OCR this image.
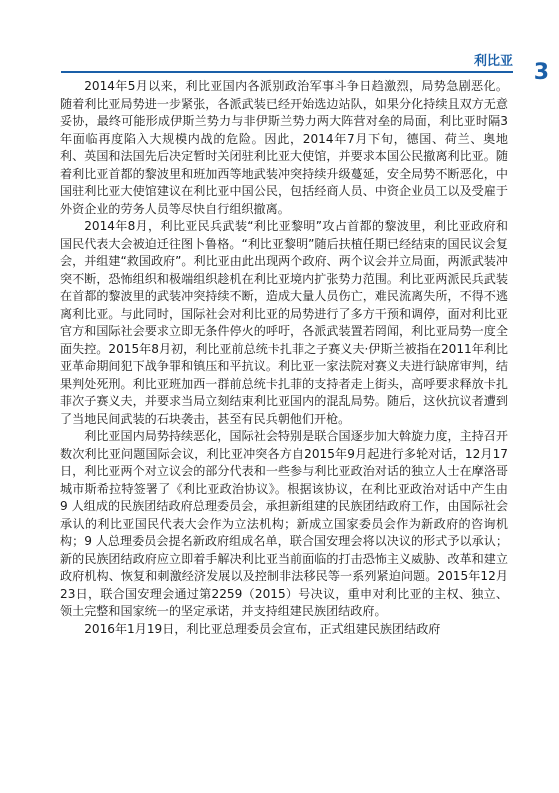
利比亚 3

2014年5月以来，利比亚国内各派别政治军事斗争日趋激烈，局势急剧恶化。随着利比亚局势进一步紧张，各派武装已经开始选边站队，如果分化持续且双方无意妥协，最终可能形成伊斯兰势力与非伊斯兰势力两大阵营对垒的局面，利比亚时隔3年面临再度陷入大规模内战的危险。因此，2014年7月下旬，德国、荷兰、奥地利、英国和法国先后决定暂时关闭驻利比亚大使馆，并要求本国公民撤离利比亚。随着利比亚首都的黎波里和班加西等地武装冲突持续升级蔓延，安全局势不断恶化，中国驻利比亚大使馆建议在利比亚中国公民，包括经商人员、中资企业员工以及受雇于外资企业的劳务人员等尽快自行组织撤离。

2014年8月，利比亚民兵武装“利比亚黎明”攻占首都的黎波里，利比亚政府和国民代表大会被迫迁往图卜鲁格。“利比亚黎明”随后扶植任期已经结束的国民议会复会，并组建“救国政府”。利比亚由此出现两个政府、两个议会并立局面，两派武装冲突不断，恐怖组织和极端组织趁机在利比亚境内扩张势力范围。利比亚两派民兵武装在首都的黎波里的武装冲突持续不断，造成大量人员伤亡，难民流离失所，不得不逃离利比亚。与此同时，国际社会对利比亚的局势进行了多方干预和调停，面对利比亚官方和国际社会要求立即无条件停火的呼吁，各派武装置若罔闻，利比亚局势一度全面失控。2015年8月初，利比亚前总统卡扎菲之子赛义夫·伊斯兰被指在2011年利比亚革命期间犯下战争罪和镇压和平抗议。利比亚一家法院对赛义夫进行缺席审判，结果判处死刑。利比亚班加西一群前总统卡扎菲的支持者走上街头，高呼要求释放卡扎菲次子赛义夫，并要求当局立刻结束利比亚国内的混乱局势。随后，这伙抗议者遭到了当地民间武装的石块袭击，甚至有民兵朝他们开枪。

利比亚国内局势持续恶化，国际社会特别是联合国逐步加大斡旋力度，主持召开数次利比亚问题国际会议，利比亚冲突各方自2015年9月起进行多轮对话，12月17日，利比亚两个对立议会的部分代表和一些参与利比亚政治对话的独立人士在摩洛哥城市斯希拉特签署了《利比亚政治协议》。根据该协议，在利比亚政治对话中产生由 9 人组成的民族团结政府总理委员会，承担新组建的民族团结政府工作，由国际社会承认的利比亚国民代表大会作为立法机构；新成立国家委员会作为新政府的咨询机构；9 人总理委员会提名新政府组成名单，联合国安理会将以决议的形式予以承认；新的民族团结政府应立即着手解决利比亚当前面临的打击恐怖主义威胁、改革和建立政府机构、恢复和刺激经济发展以及控制非法移民等一系列紧迫问题。2015年12月23日，联合国安理会通过第2259（2015）号决议，重申对利比亚的主权、独立、领土完整和国家统一的坚定承诺，并支持组建民族团结政府。

2016年1月19日，利比亚总理委员会宣布，正式组建民族团结政府
